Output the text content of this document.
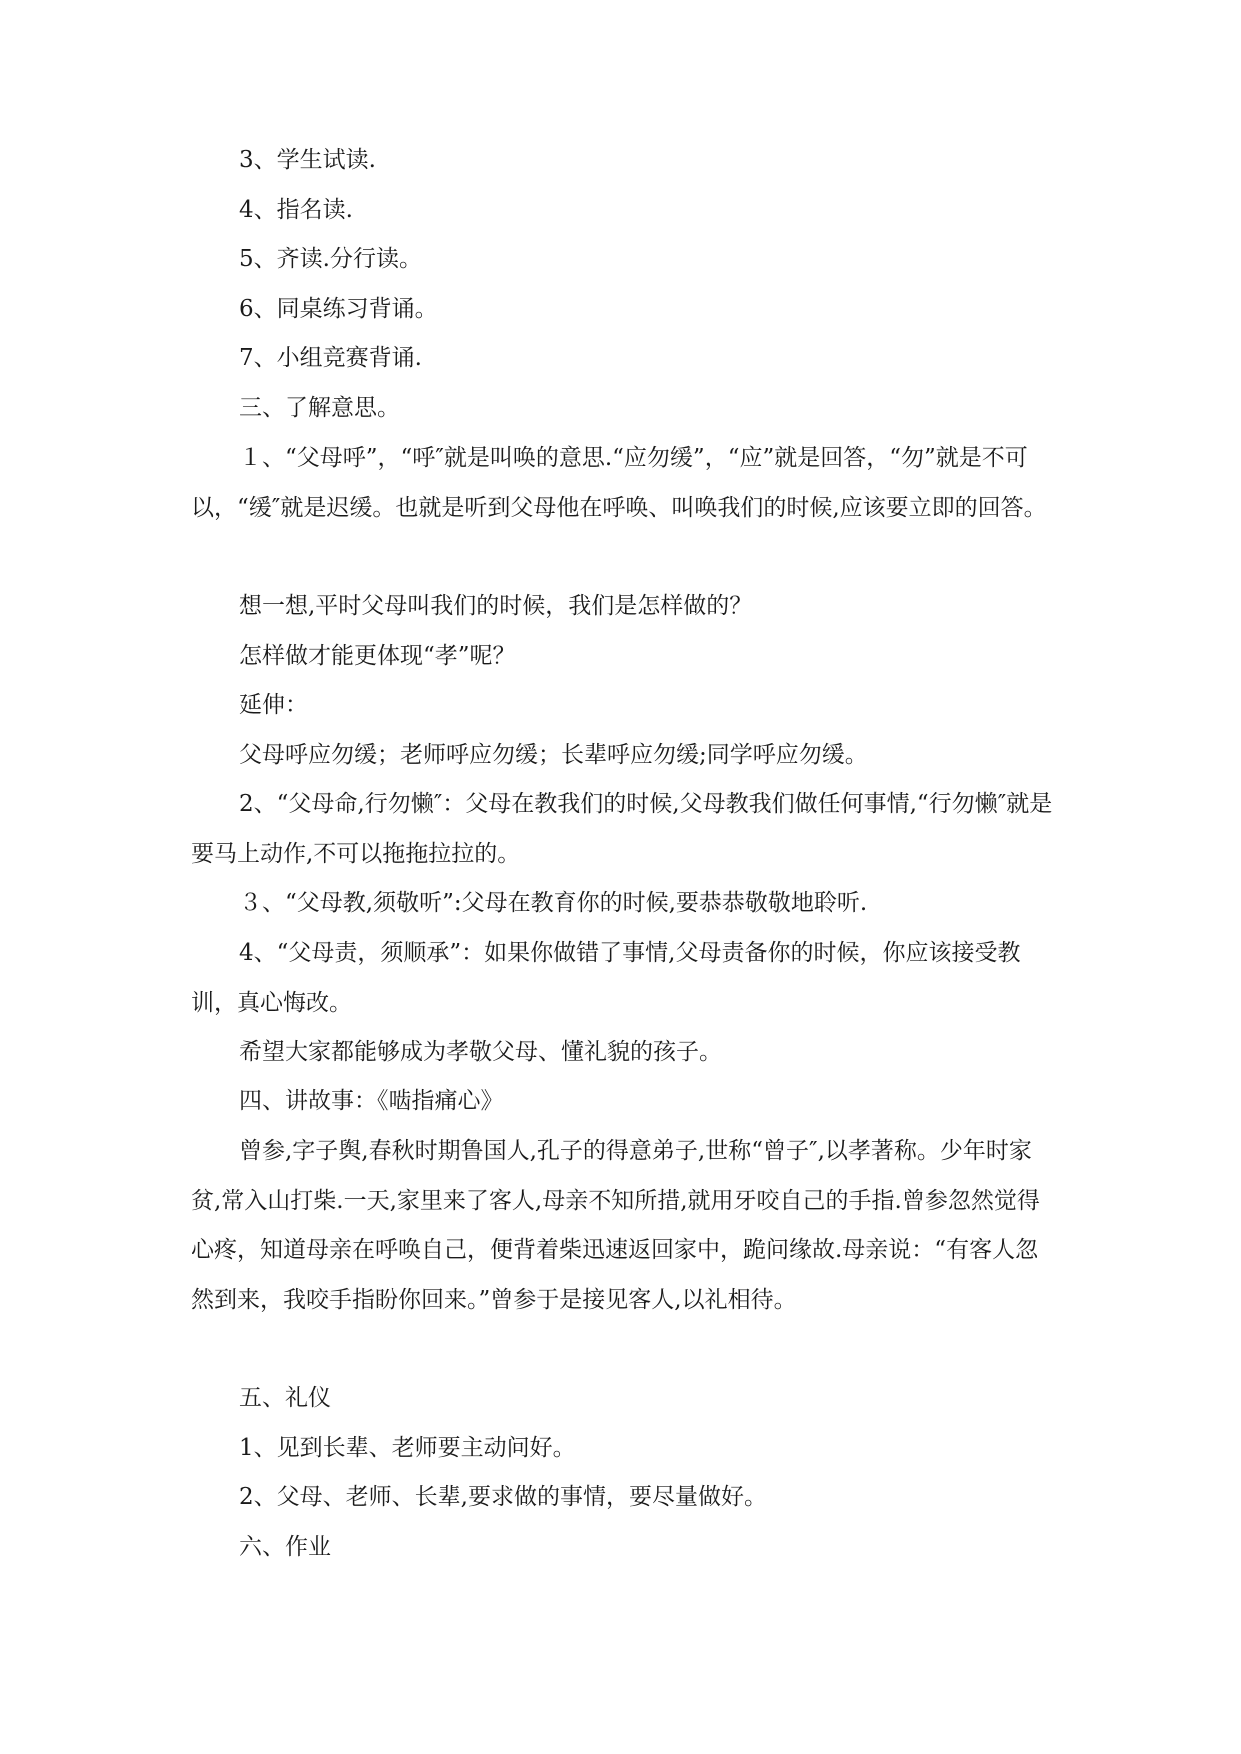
3、学生试读.

4、指名读.

5、齐读.分行读。

6、同桌练习背诵。

7、小组竞赛背诵.

三、了解意思。

１、“父母呼”，“呼″就是叫唤的意思.“应勿缓”，“应”就是回答，“勿”就是不可以，“缓″就是迟缓。也就是听到父母他在呼唤、叫唤我们的时候,应该要立即的回答。

想一想,平时父母叫我们的时候，我们是怎样做的？

怎样做才能更体现“孝”呢？

延伸：

父母呼应勿缓；老师呼应勿缓；长辈呼应勿缓;同学呼应勿缓。

2、“父母命,行勿懒″：父母在教我们的时候,父母教我们做任何事情,“行勿懒″就是要马上动作,不可以拖拖拉拉的。

３、“父母教,须敬听”:父母在教育你的时候,要恭恭敬敬地聆听.

4、“父母责，须顺承”：如果你做错了事情,父母责备你的时候，你应该接受教训，真心悔改。

希望大家都能够成为孝敬父母、懂礼貌的孩子。

四、讲故事：《啮指痛心》

曾参,字子舆,春秋时期鲁国人,孔子的得意弟子,世称“曾子″,以孝著称。少年时家贫,常入山打柴.一天,家里来了客人,母亲不知所措,就用牙咬自己的手指.曾参忽然觉得心疼，知道母亲在呼唤自己，便背着柴迅速返回家中，跪问缘故.母亲说：“有客人忽然到来，我咬手指盼你回来。”曾参于是接见客人,以礼相待。

五、礼仪

1、见到长辈、老师要主动问好。

2、父母、老师、长辈,要求做的事情，要尽量做好。

六、作业
